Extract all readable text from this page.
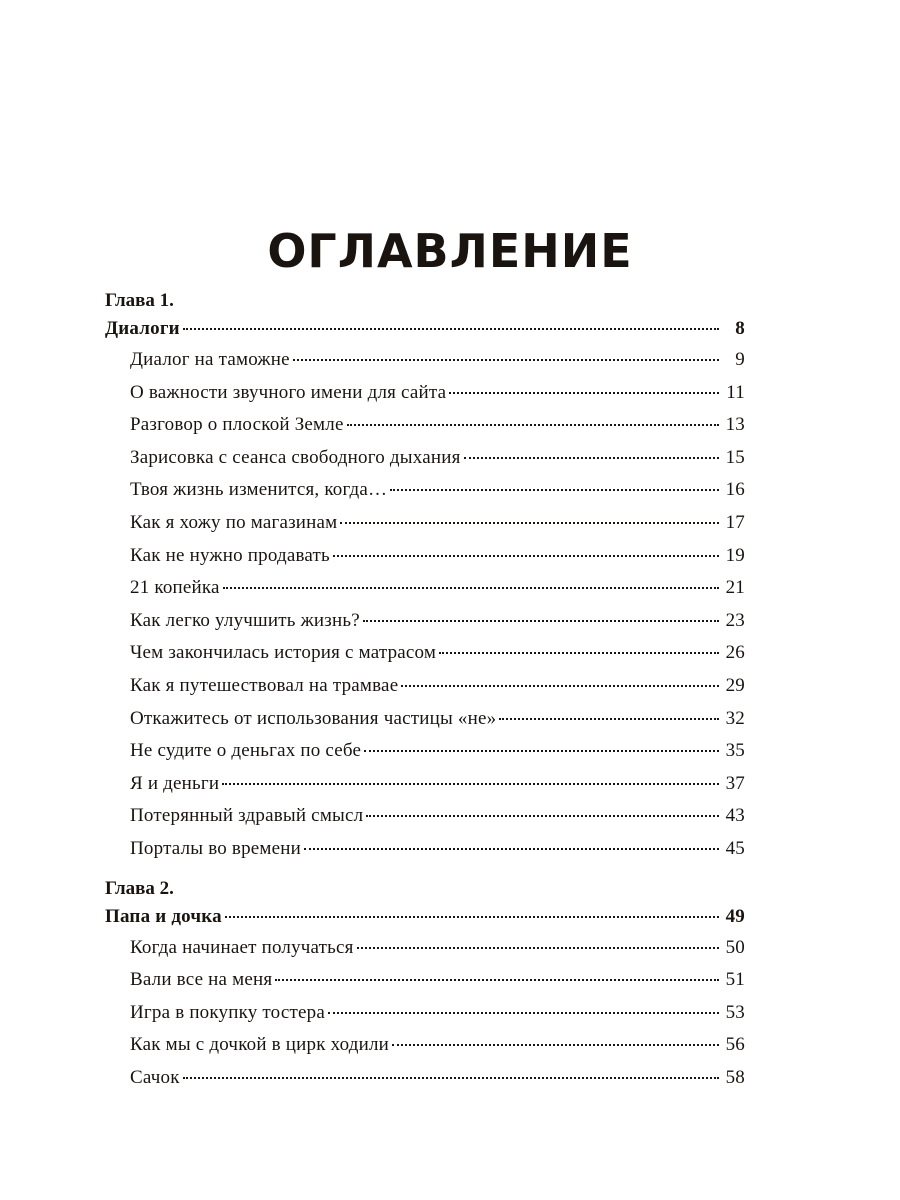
ОГЛАВЛЕНИЕ
Глава 1.
Диалоги	8
Диалог на таможне	9
О важности звучного имени для сайта	11
Разговор о плоской Земле	13
Зарисовка с сеанса свободного дыхания	15
Твоя жизнь изменится, когда…	16
Как я хожу по магазинам	17
Как не нужно продавать	19
21 копейка	21
Как легко улучшить жизнь?	23
Чем закончилась история с матрасом	26
Как я путешествовал на трамвае	29
Откажитесь от использования частицы «не»	32
Не судите о деньгах по себе	35
Я и деньги	37
Потерянный здравый смысл	43
Порталы во времени	45
Глава 2.
Папа и дочка	49
Когда начинает получаться	50
Вали все на меня	51
Игра в покупку тостера	53
Как мы с дочкой в цирк ходили	56
Сачок	58
